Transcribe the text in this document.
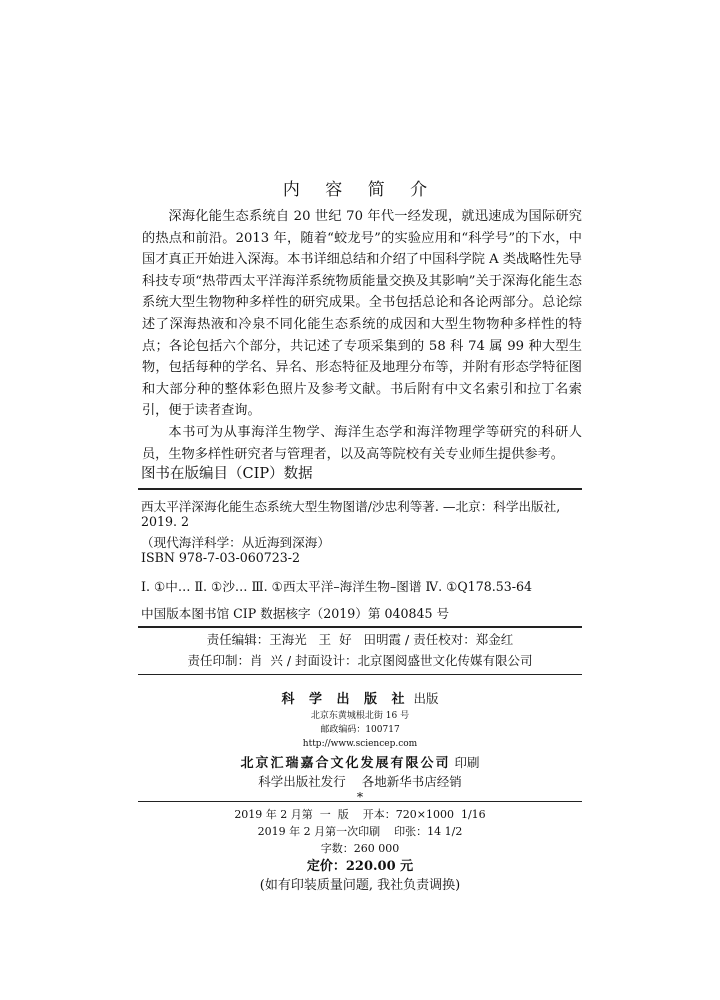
内 容 简 介

深海化能生态系统自 20 世纪 70 年代一经发现，就迅速成为国际研究的热点和前沿。2013 年，随着“蛟龙号”的实验应用和“科学号”的下水，中国才真正开始进入深海。本书详细总结和介绍了中国科学院 A 类战略性先导科技专项“热带西太平洋海洋系统物质能量交换及其影响”关于深海化能生态系统大型生物物种多样性的研究成果。全书包括总论和各论两部分。总论综述了深海热液和冷泉不同化能生态系统的成因和大型生物物种多样性的特点；各论包括六个部分，共记述了专项采集到的 58 科 74 属 99 种大型生物，包括每种的学名、异名、形态特征及地理分布等，并附有形态学特征图和大部分种的整体彩色照片及参考文献。书后附有中文名索引和拉丁名索引，便于读者查询。

本书可为从事海洋生物学、海洋生态学和海洋物理学等研究的科研人员，生物多样性研究者与管理者，以及高等院校有关专业师生提供参考。

图书在版编目（CIP）数据
西太平洋深海化能生态系统大型生物图谱/沙忠利等著. —北京：科学出版社,
2019. 2
（现代海洋科学：从近海到深海）
ISBN 978-7-03-060723-2
Ⅰ. ①中… Ⅱ. ①沙… Ⅲ. ①西太平洋–海洋生物–图谱 Ⅳ. ①Q178.53-64
中国版本图书馆 CIP 数据核字（2019）第 040845 号
责任编辑：王海光   王  好   田明霞 / 责任校对：郑金红
责任印制：肖  兴 / 封面设计：北京图阅盛世文化传媒有限公司
科 学 出 版 社 出版
北京东黄城根北街 16 号
邮政编码：100717
http://www.sciencep.com
北京汇瑞嘉合文化发展有限公司 印刷
科学出版社发行    各地新华书店经销
*
2019 年 2 月第  一  版    开本：720×1000  1/16
2019 年 2 月第一次印刷    印张：14 1/2
字数：260 000
定价：220.00 元
(如有印装质量问题, 我社负责调换)
